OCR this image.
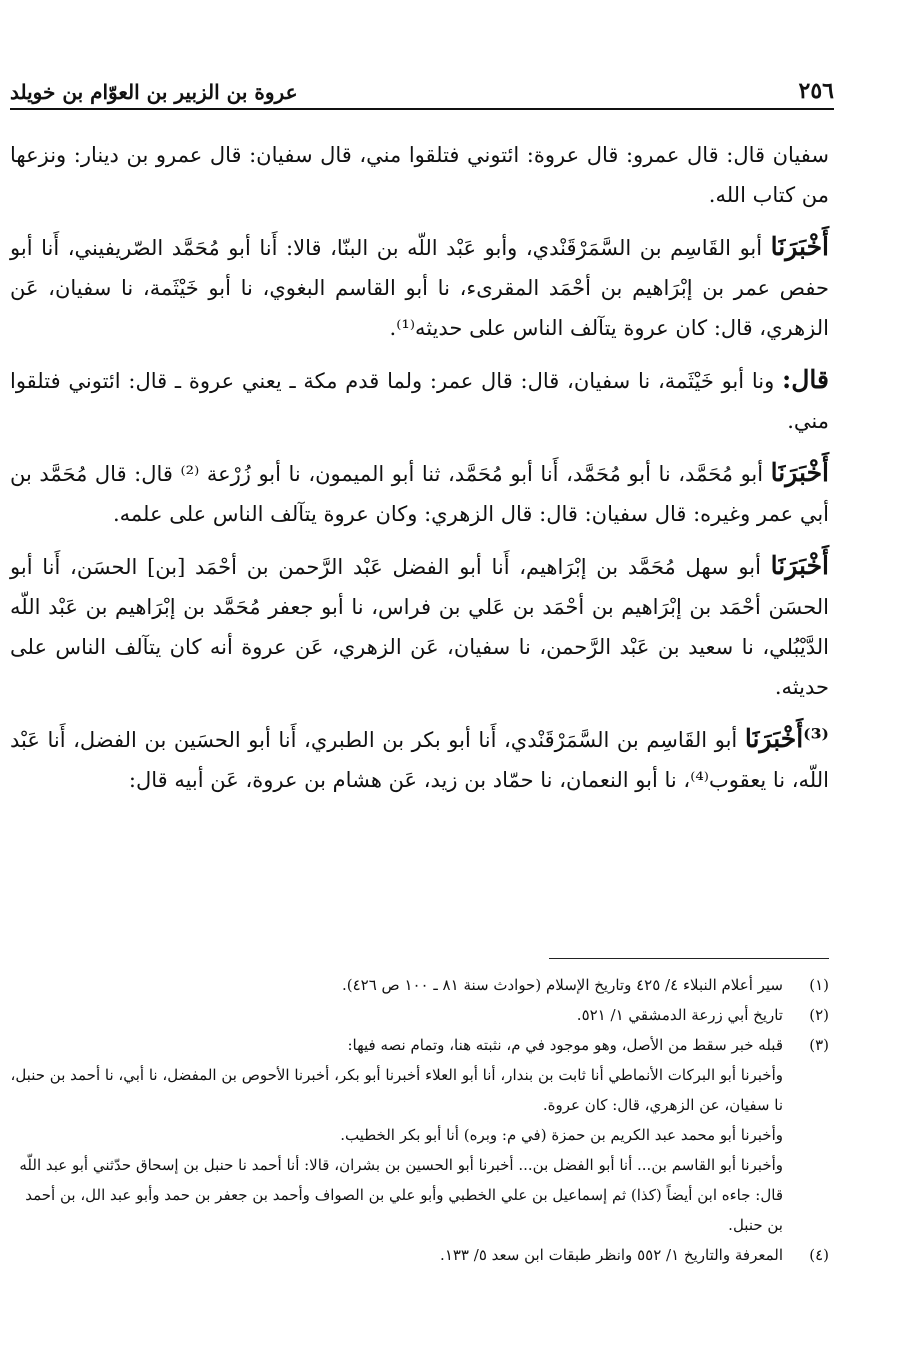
عروة بن الزبير بن العوّام بن خويلد	٢٥٦

سفيان قال: قال عمرو: قال عروة: ائتوني فتلقوا مني، قال سفيان: قال عمرو بن دينار: ونزعها من كتاب الله.

أَخْبَرَنَا أبو القَاسِم بن السَّمَرْقَنْدي، وأبو عَبْد اللّه بن البنّا، قالا: أَنا أبو مُحَمَّد الصّريفيني، أَنا أبو حفص عمر بن إبْرَاهيم بن أحْمَد المقرىء، نا أبو القاسم البغوي، نا أبو خَيْثَمة، نا سفيان، عَن الزهري، قال: كان عروة يتآلف الناس على حديثه⁽¹⁾.

قال: ونا أبو خَيْثَمة، نا سفيان، قال: قال عمر: ولما قدم مكة ـ يعني عروة ـ قال: ائتوني فتلقوا مني.

أَخْبَرَنَا أبو مُحَمَّد، نا أبو مُحَمَّد، أَنا أبو مُحَمَّد، ثنا أبو الميمون، نا أبو زُرْعة ⁽²⁾ قال: قال مُحَمَّد بن أبي عمر وغيره: قال سفيان: قال: قال الزهري: وكان عروة يتآلف الناس على علمه.

أَخْبَرَنَا أبو سهل مُحَمَّد بن إبْرَاهيم، أَنا أبو الفضل عَبْد الرَّحمن بن أحْمَد [بن] الحسَن، أَنا أبو الحسَن أحْمَد بن إبْرَاهيم بن أحْمَد بن عَلي بن فراس، نا أبو جعفر مُحَمَّد بن إبْرَاهيم بن عَبْد اللّه الدَّيْبُلي، نا سعيد بن عَبْد الرَّحمن، نا سفيان، عَن الزهري، عَن عروة أنه كان يتآلف الناس على حديثه.

⁽³⁾أَخْبَرَنَا أبو القَاسِم بن السَّمَرْقَنْدي، أَنا أبو بكر بن الطبري، أَنا أبو الحسَين بن الفضل، أَنا عَبْد اللّه، نا يعقوب⁽⁴⁾، نا أبو النعمان، نا حمّاد بن زيد، عَن هشام بن عروة، عَن أبيه قال:

(١)
سير أعلام النبلاء ٤/ ٤٢٥ وتاريخ الإسلام (حوادث سنة ٨١ ـ ١٠٠ ص ٤٢٦).
(٢)
تاريخ أبي زرعة الدمشقي ١/ ٥٢١.
(٣)
قبله خبر سقط من الأصل، وهو موجود في م، نثبته هنا، وتمام نصه فيها:
وأخبرنا أبو البركات الأنماطي أنا ثابت بن بندار، أنا أبو العلاء أخبرنا أبو بكر، أخبرنا الأحوص بن المفضل، نا أبي، نا أحمد بن حنبل، نا سفيان، عن الزهري، قال: كان عروة.
وأخبرنا أبو محمد عبد الكريم بن حمزة (في م: وبره) أنا أبو بكر الخطيب.
وأخبرنا أبو القاسم بن... أنا أبو الفضل بن... أخبرنا أبو الحسين بن بشران، قالا: أنا أحمد نا حنبل بن إسحاق حدّثني أبو عبد اللّه قال: جاءه ابن أيضاً (كذا) ثم إسماعيل بن علي الخطبي وأبو علي بن الصواف وأحمد بن جعفر بن حمد وأبو عبد الل، بن أحمد بن حنبل.
(٤)
المعرفة والتاريخ ١/ ٥٥٢ وانظر طبقات ابن سعد ٥/ ١٣٣.
